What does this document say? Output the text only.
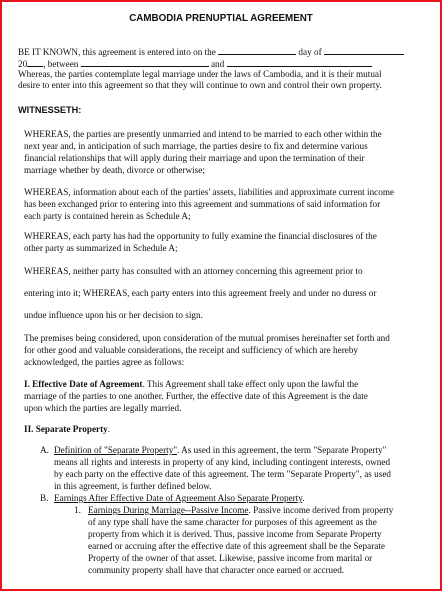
CAMBODIA PRENUPTIAL AGREEMENT
BE IT KNOWN, this agreement is entered into on the	day of
20 , between	and
Whereas, the parties contemplate legal marriage under the laws of Cambodia, and it is their mutual
desire to enter into this agreement so that they will continue to own and control their own property.
WITNESSETH:
WHEREAS, the parties are presently unmarried and intend to be married to each other within the
next year and, in anticipation of such marriage, the parties desire to fix and determine various
financial relationships that will apply during their marriage and upon the termination of their
marriage whether by death, divorce or otherwise;
WHEREAS, information about each of the parties' assets, liabilities and approximate current income
has been exchanged prior to entering into this agreement and summations of said information for
each party is contained herein as Schedule A;
WHEREAS, each party has had the opportunity to fully examine the financial disclosures of the
other party as summarized in Schedule A;
WHEREAS, neither party has consulted with an attorney concerning this agreement prior to
entering into it; WHEREAS, each party enters into this agreement freely and under no duress or
undue influence upon his or her decision to sign.
The premises being considered, upon consideration of the mutual promises hereinafter set forth and
for other good and valuable considerations, the receipt and sufficiency of which are hereby
acknowledged, the parties agree as follows:
I. Effective Date of Agreement. This Agreement shall take effect only upon the lawful the
marriage of the parties to one another. Further, the effective date of this Agreement is the date
upon which the parties are legally married.
II. Separate Property.
A. Definition of "Separate Property". As used in this agreement, the term "Separate Property"
means all rights and interests in property of any kind, including contingent interests, owned
by each party on the effective date of this agreement. The term "Separate Property", as used
in this agreement, is further defined below.
B. Earnings After Effective Date of Agreement Also Separate Property.
1. Earnings During Marriage--Passive Income. Passive income derived from property
of any type shall have the same character for purposes of this agreement as the
property from which it is derived. Thus, passive income from Separate Property
earned or accruing after the effective date of this agreement shall be the Separate
Property of the owner of that asset. Likewise, passive income from marital or
community property shall have that character once earned or accrued.
